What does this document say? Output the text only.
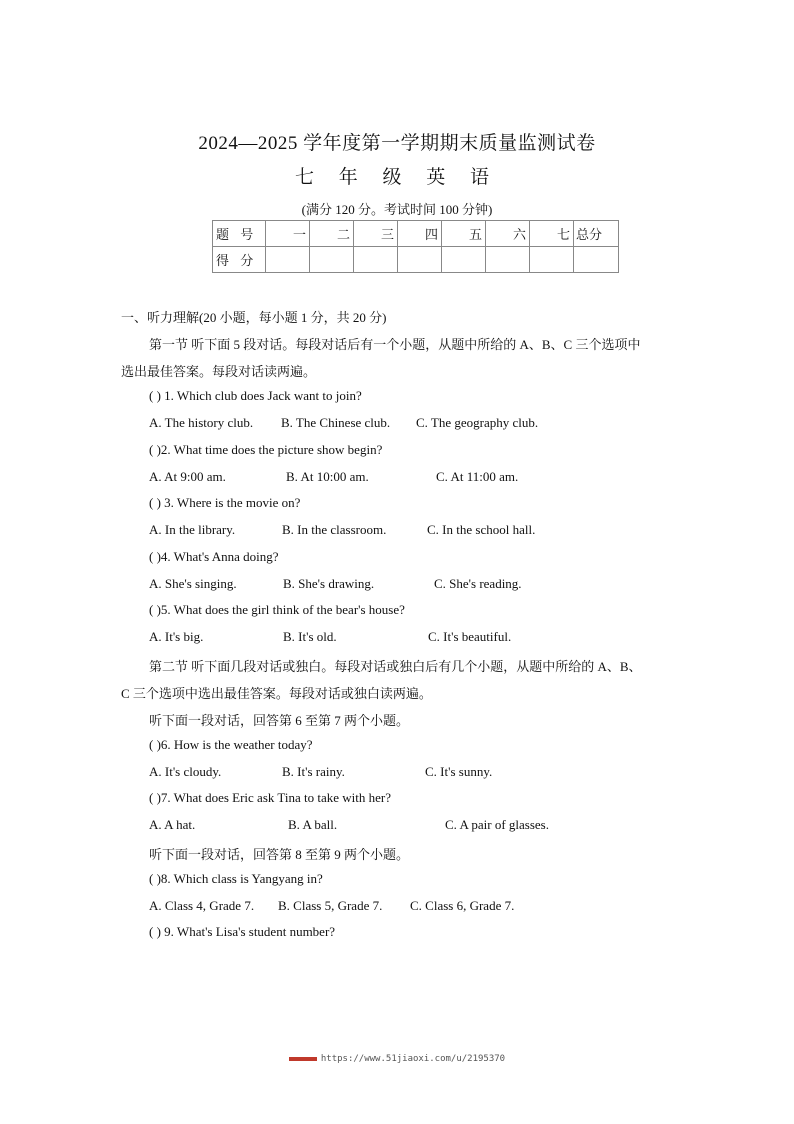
2024—2025 学年度第一学期期末质量监测试卷
七 年 级 英 语
(满分 120 分。考试时间 100 分钟)
题 号	一	二	三	四	五	六	七	总分
得 分								
一、听力理解(20 小题，每小题 1 分，共 20 分)
第一节 听下面 5 段对话。每段对话后有一个小题，从题中所给的 A、B、C 三个选项中
选出最佳答案。每段对话读两遍。
( ) 1. Which club does Jack want to join?
A. The history club. B. The Chinese club. C. The geography club.
( )2. What time does the picture show begin?
A. At 9:00 am.	B. At 10:00 am.	C. At 11:00 am.
( ) 3. Where is the movie on?
A. In the library.	B. In the classroom.	C. In the school hall.
( )4. What's Anna doing?
A. She's singing.	B. She's drawing.	C. She's reading.
( )5. What does the girl think of the bear's house?
A. It's big.	B. It's old.	C. It's beautiful.
第二节 听下面几段对话或独白。每段对话或独白后有几个小题，从题中所给的 A、B、
C 三个选项中选出最佳答案。每段对话或独白读两遍。
听下面一段对话，回答第 6 至第 7 两个小题。
( )6. How is the weather today?
A. It's cloudy.	B. It's rainy.	C. It's sunny.
( )7. What does Eric ask Tina to take with her?
A. A hat.	B. A ball.	C. A pair of glasses.
听下面一段对话，回答第 8 至第 9 两个小题。
( )8. Which class is Yangyang in?
A. Class 4, Grade 7. B. Class 5, Grade 7. C. Class 6, Grade 7.
( ) 9. What's Lisa's student number?
https://www.51jiaoxi.com/u/2195370
